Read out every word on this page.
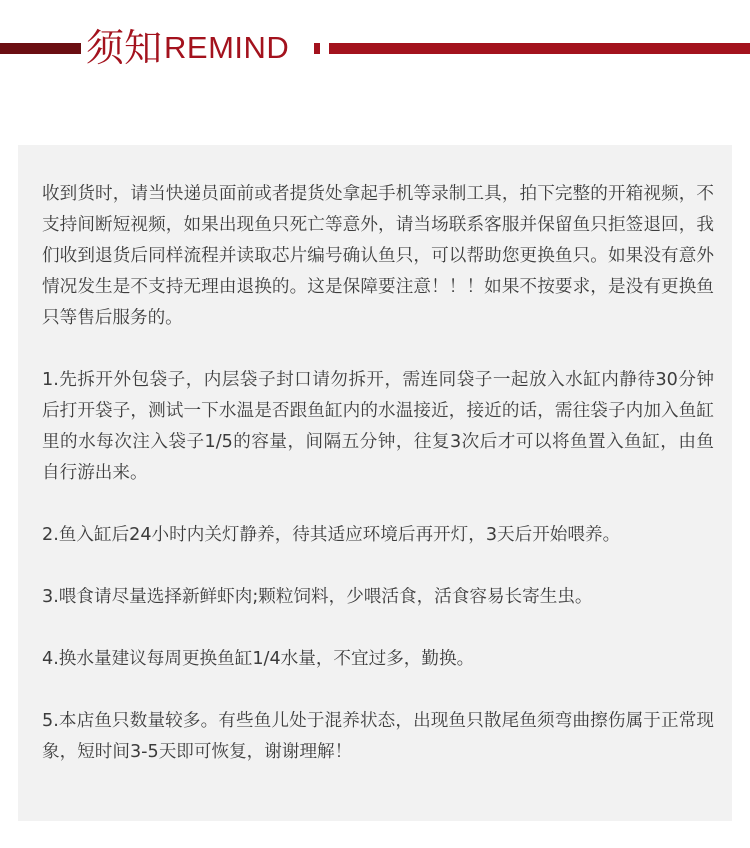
须知 REMIND

收到货时，请当快递员面前或者提货处拿起手机等录制工具，拍下完整的开箱视频，不支持间断短视频，如果出现鱼只死亡等意外，请当场联系客服并保留鱼只拒签退回，我们收到退货后同样流程并读取芯片编号确认鱼只，可以帮助您更换鱼只。如果没有意外情况发生是不支持无理由退换的。这是保障要注意！！！如果不按要求，是没有更换鱼只等售后服务的。

1.先拆开外包袋子，内层袋子封口请勿拆开，需连同袋子一起放入水缸内静待30分钟后打开袋子，测试一下水温是否跟鱼缸内的水温接近，接近的话，需往袋子内加入鱼缸里的水每次注入袋子1/5的容量，间隔五分钟，往复3次后才可以将鱼置入鱼缸，由鱼自行游出来。

2.鱼入缸后24小时内关灯静养，待其适应环境后再开灯，3天后开始喂养。

3.喂食请尽量选择新鲜虾肉;颗粒饲料，少喂活食，活食容易长寄生虫。

4.换水量建议每周更换鱼缸1/4水量，不宜过多，勤换。

5.本店鱼只数量较多。有些鱼儿处于混养状态，出现鱼只散尾鱼须弯曲擦伤属于正常现象，短时间3-5天即可恢复，谢谢理解！
